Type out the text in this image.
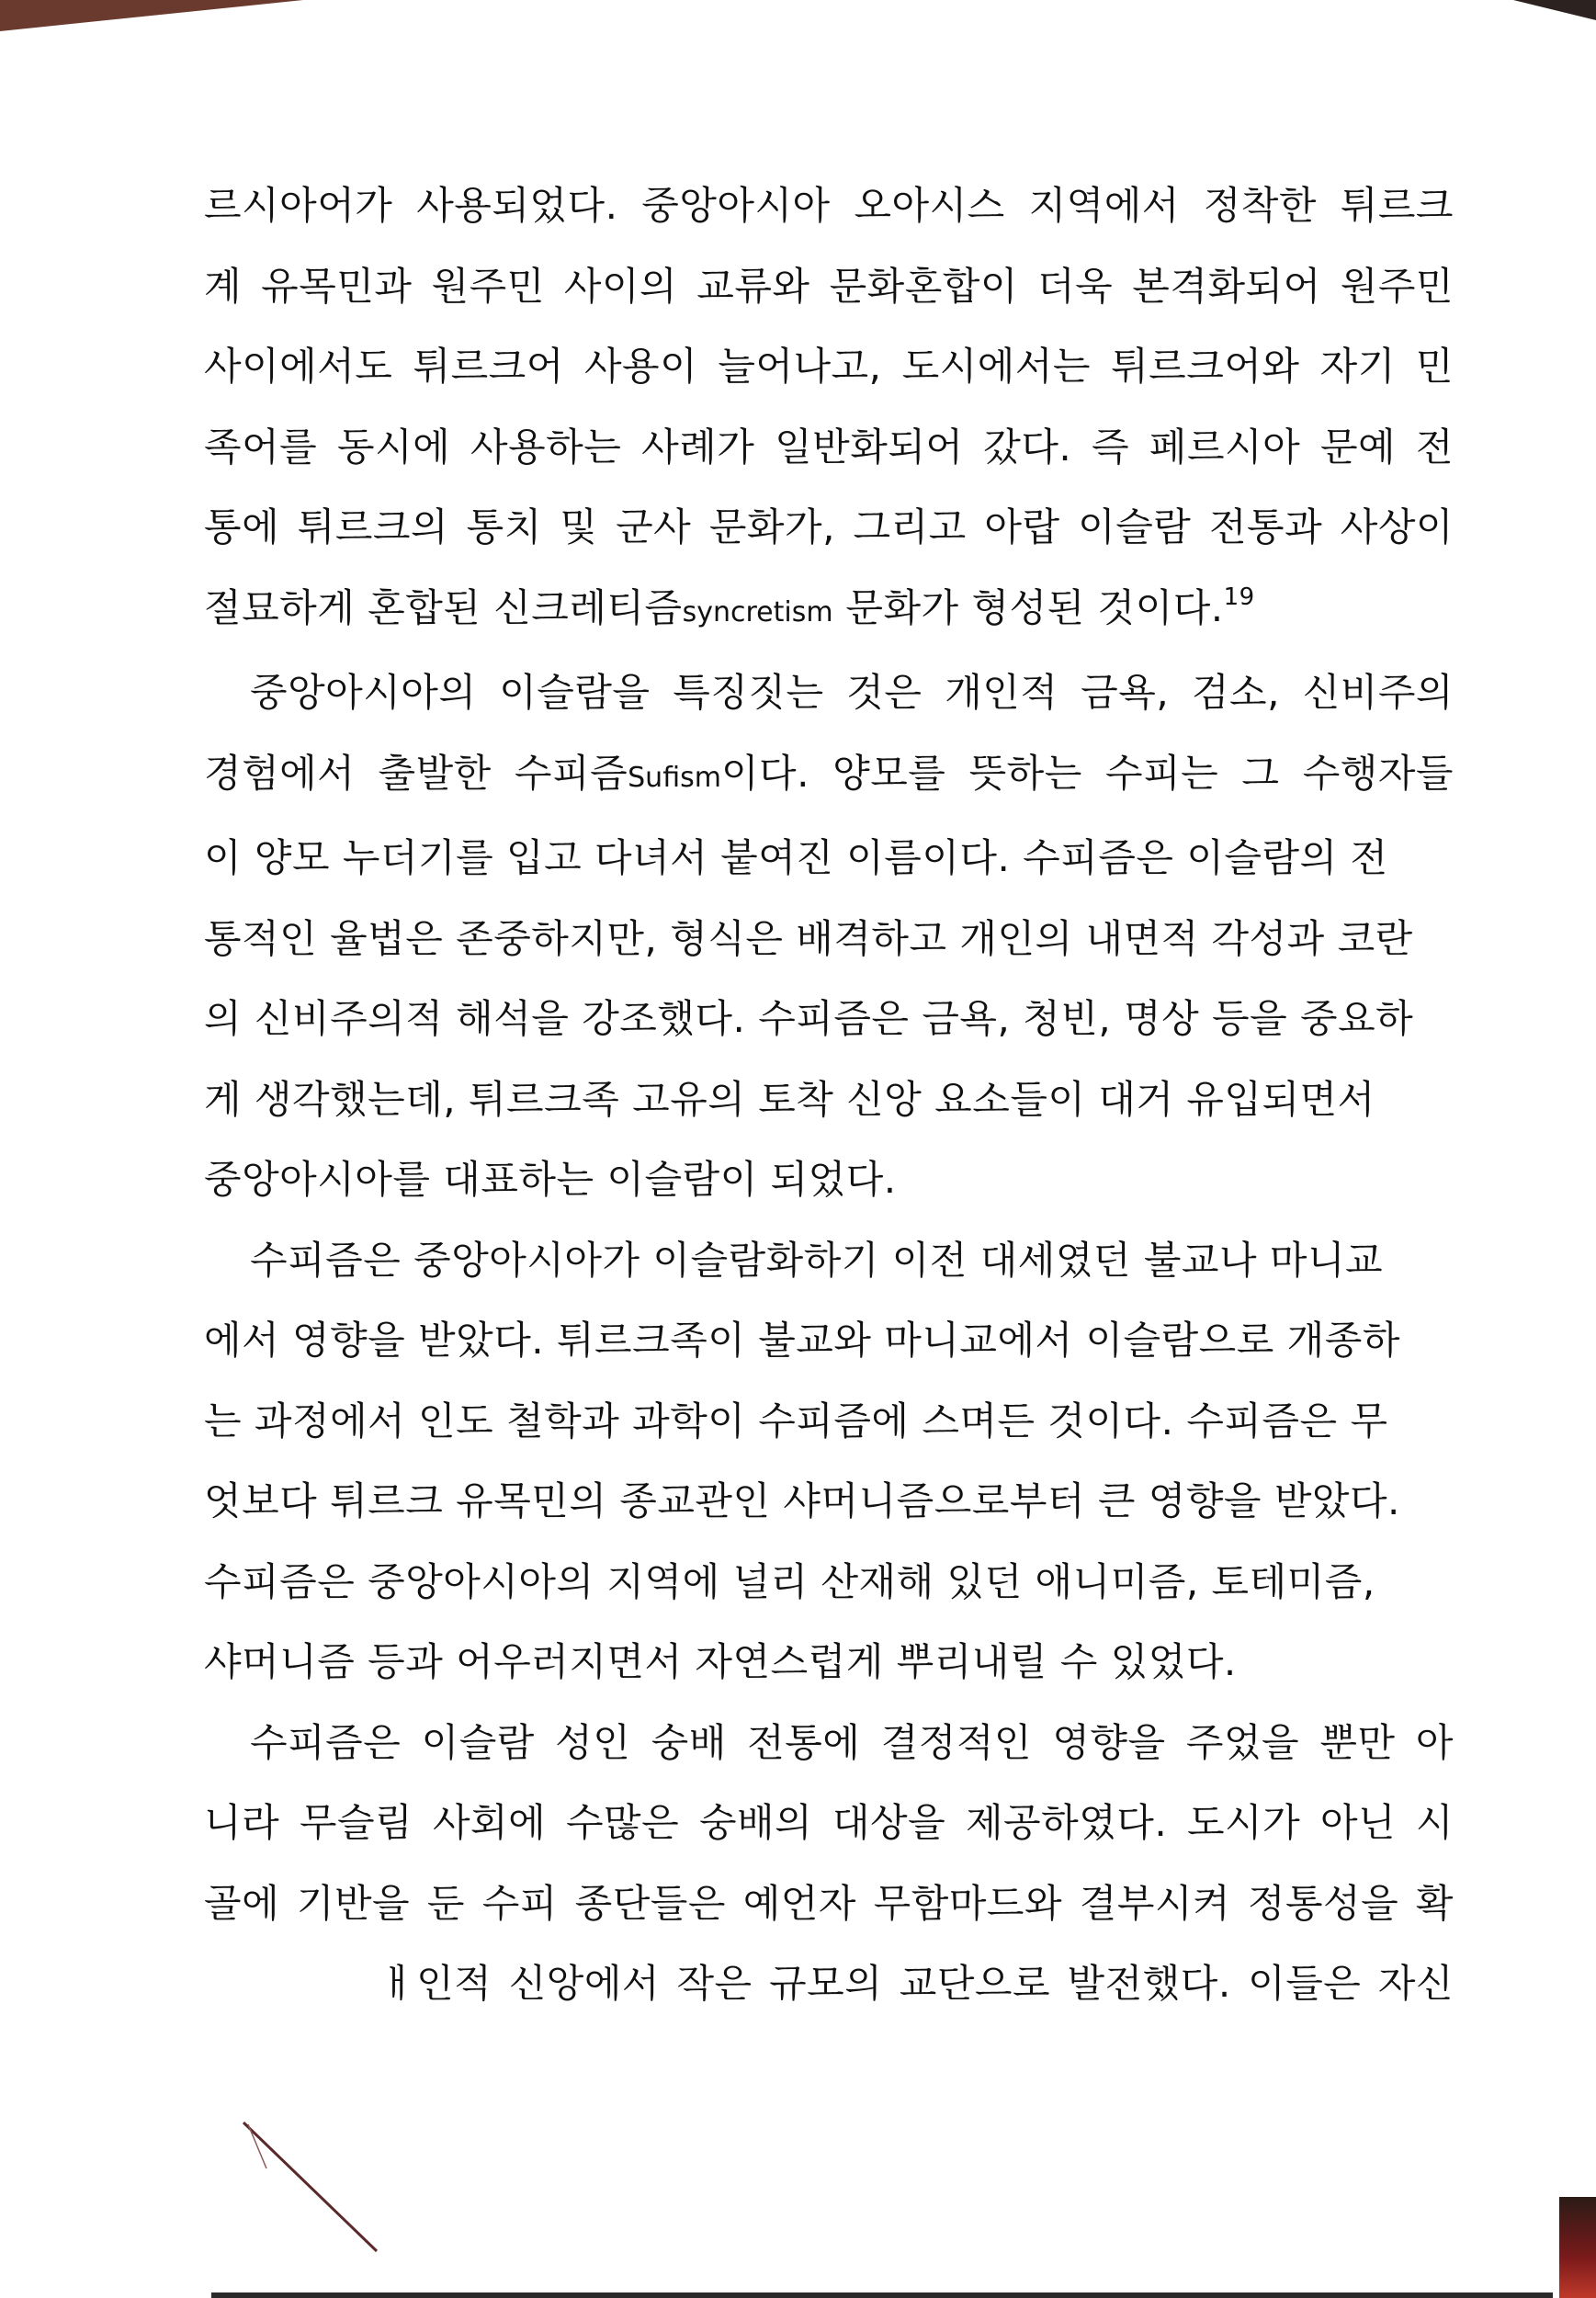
르시아어가 사용되었다. 중앙아시아 오아시스 지역에서 정착한 튀르크
계 유목민과 원주민 사이의 교류와 문화혼합이 더욱 본격화되어 원주민
사이에서도 튀르크어 사용이 늘어나고, 도시에서는 튀르크어와 자기 민
족어를 동시에 사용하는 사례가 일반화되어 갔다. 즉 페르시아 문예 전
통에 튀르크의 통치 및 군사 문화가, 그리고 아랍 이슬람 전통과 사상이
절묘하게 혼합된 신크레티즘syncretism 문화가 형성된 것이다.$^{19}$
중앙아시아의 이슬람을 특징짓는 것은 개인적 금욕, 검소, 신비주의
경험에서 출발한 수피즘Sufism이다. 양모를 뜻하는 수피는 그 수행자들
이 양모 누더기를 입고 다녀서 붙여진 이름이다. 수피즘은 이슬람의 전
통적인 율법은 존중하지만, 형식은 배격하고 개인의 내면적 각성과 코란
의 신비주의적 해석을 강조했다. 수피즘은 금욕, 청빈, 명상 등을 중요하
게 생각했는데, 튀르크족 고유의 토착 신앙 요소들이 대거 유입되면서
중앙아시아를 대표하는 이슬람이 되었다.
수피즘은 중앙아시아가 이슬람화하기 이전 대세였던 불교나 마니교
에서 영향을 받았다. 튀르크족이 불교와 마니교에서 이슬람으로 개종하
는 과정에서 인도 철학과 과학이 수피즘에 스며든 것이다. 수피즘은 무
엇보다 튀르크 유목민의 종교관인 샤머니즘으로부터 큰 영향을 받았다.
수피즘은 중앙아시아의 지역에 널리 산재해 있던 애니미즘, 토테미즘,
샤머니즘 등과 어우러지면서 자연스럽게 뿌리내릴 수 있었다.
수피즘은 이슬람 성인 숭배 전통에 결정적인 영향을 주었을 뿐만 아
니라 무슬림 사회에 수많은 숭배의 대상을 제공하였다. 도시가 아닌 시
골에 기반을 둔 수피 종단들은 예언자 무함마드와 결부시켜 정통성을 확
ㅐ인적 신앙에서 작은 규모의 교단으로 발전했다. 이들은 자신
